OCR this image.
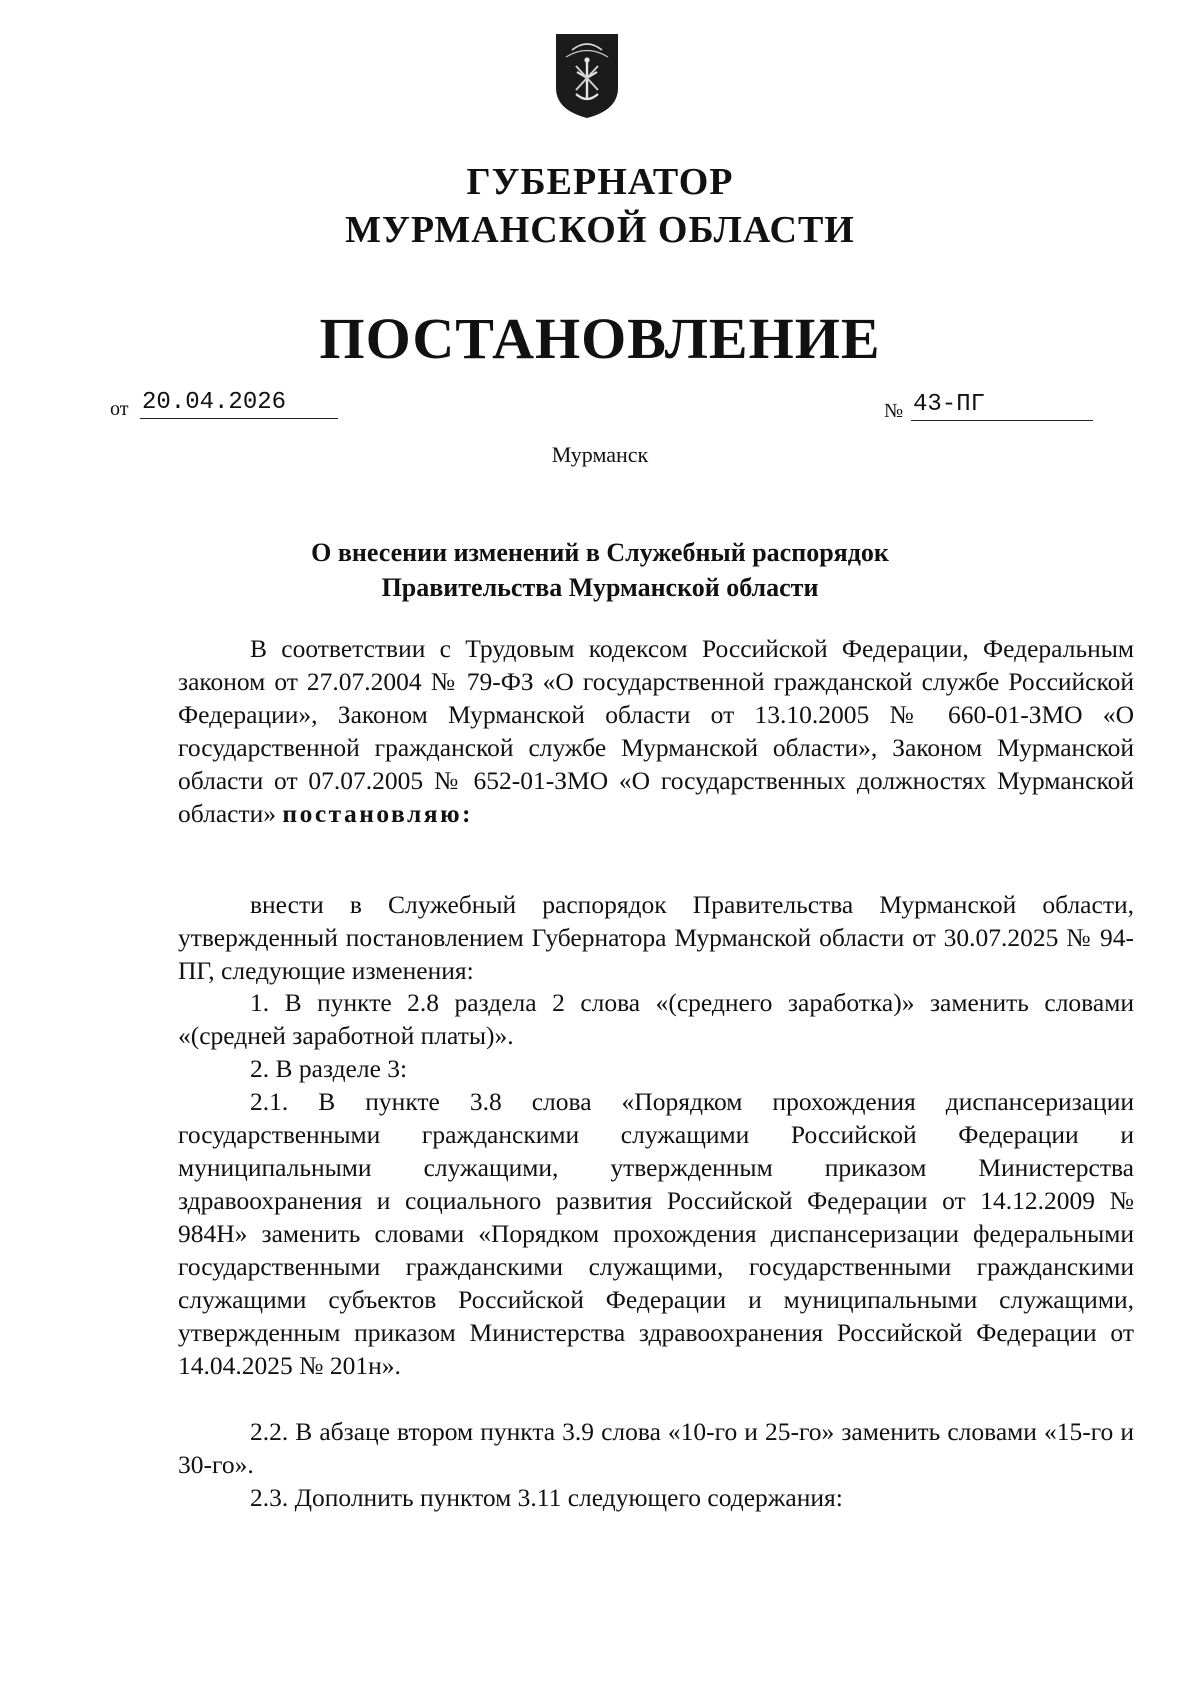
ГУБЕРНАТОР
МУРМАНСКОЙ ОБЛАСТИ
ПОСТАНОВЛЕНИЕ
от 20.04.2026	№ 43-ПГ
Мурманск
О внесении изменений в Служебный распорядок
Правительства Мурманской области
В соответствии с Трудовым кодексом Российской Федерации, Федеральным законом от 27.07.2004 № 79-ФЗ «О государственной гражданской службе Российской Федерации», Законом Мурманской области от 13.10.2005 № 660-01-ЗМО «О государственной гражданской службе Мурманской области», Законом Мурманской области от 07.07.2005 № 652-01-ЗМО «О государственных должностях Мурманской области» постановляю:
внести в Служебный распорядок Правительства Мурманской области, утвержденный постановлением Губернатора Мурманской области от 30.07.2025 № 94-ПГ, следующие изменения:
1. В пункте 2.8 раздела 2 слова «(среднего заработка)» заменить словами «(средней заработной платы)».
2. В разделе 3:
2.1. В пункте 3.8 слова «Порядком прохождения диспансеризации государственными гражданскими служащими Российской Федерации и муниципальными служащими, утвержденным приказом Министерства здравоохранения и социального развития Российской Федерации от 14.12.2009 № 984Н» заменить словами «Порядком прохождения диспансеризации федеральными государственными гражданскими служащими, государственными гражданскими служащими субъектов Российской Федерации и муниципальными служащими, утвержденным приказом Министерства здравоохранения Российской Федерации от 14.04.2025 № 201н».
2.2. В абзаце втором пункта 3.9 слова «10-го и 25-го» заменить словами «15-го и 30-го».
2.3. Дополнить пунктом 3.11 следующего содержания:
